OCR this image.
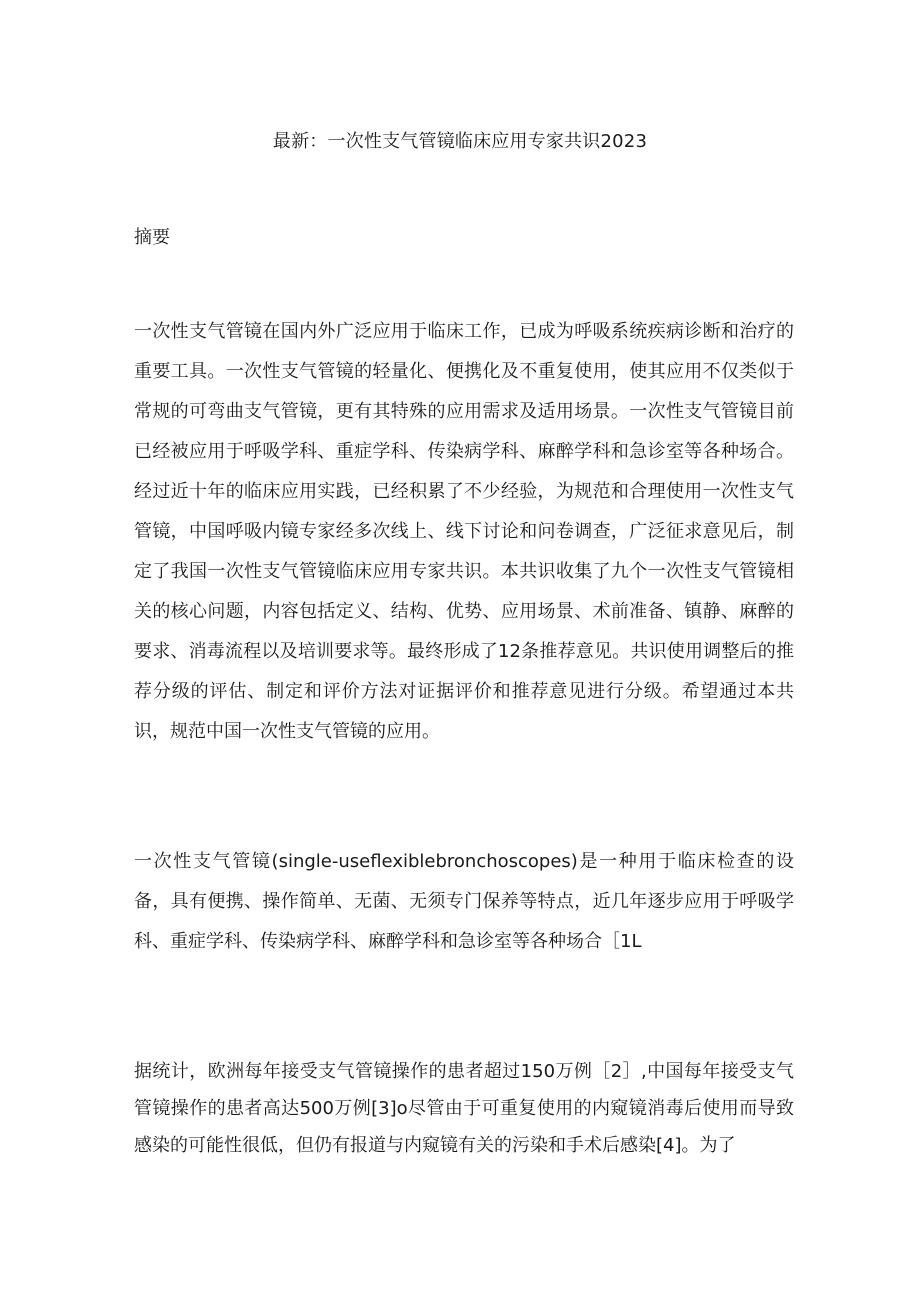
最新：一次性支气管镜临床应用专家共识2023
摘要

一次性支气管镜在国内外广泛应用于临床工作，已成为呼吸系统疾病诊断和治疗的重要工具。一次性支气管镜的轻量化、便携化及不重复使用，使其应用不仅类似于常规的可弯曲支气管镜，更有其特殊的应用需求及适用场景。一次性支气管镜目前已经被应用于呼吸学科、重症学科、传染病学科、麻醉学科和急诊室等各种场合。经过近十年的临床应用实践，已经积累了不少经验，为规范和合理使用一次性支气管镜，中国呼吸内镜专家经多次线上、线下讨论和问卷调查，广泛征求意见后，制定了我国一次性支气管镜临床应用专家共识。本共识收集了九个一次性支气管镜相关的核心问题，内容包括定义、结构、优势、应用场景、术前准备、镇静、麻醉的要求、消毒流程以及培训要求等。最终形成了12条推荐意见。共识使用调整后的推荐分级的评估、制定和评价方法对证据评价和推荐意见进行分级。希望通过本共识，规范中国一次性支气管镜的应用。

一次性支气管镜(single-useflexiblebronchoscopes)是一种用于临床检查的设备，具有便携、操作简单、无菌、无须专门保养等特点，近几年逐步应用于呼吸学科、重症学科、传染病学科、麻醉学科和急诊室等各种场合［1L

据统计，欧洲每年接受支气管镜操作的患者超过150万例［2］,中国每年接受支气管镜操作的患者高达500万例[3]o尽管由于可重复使用的内窥镜消毒后使用而导致感染的可能性很低，但仍有报道与内窥镜有关的污染和手术后感染[4]。为了
